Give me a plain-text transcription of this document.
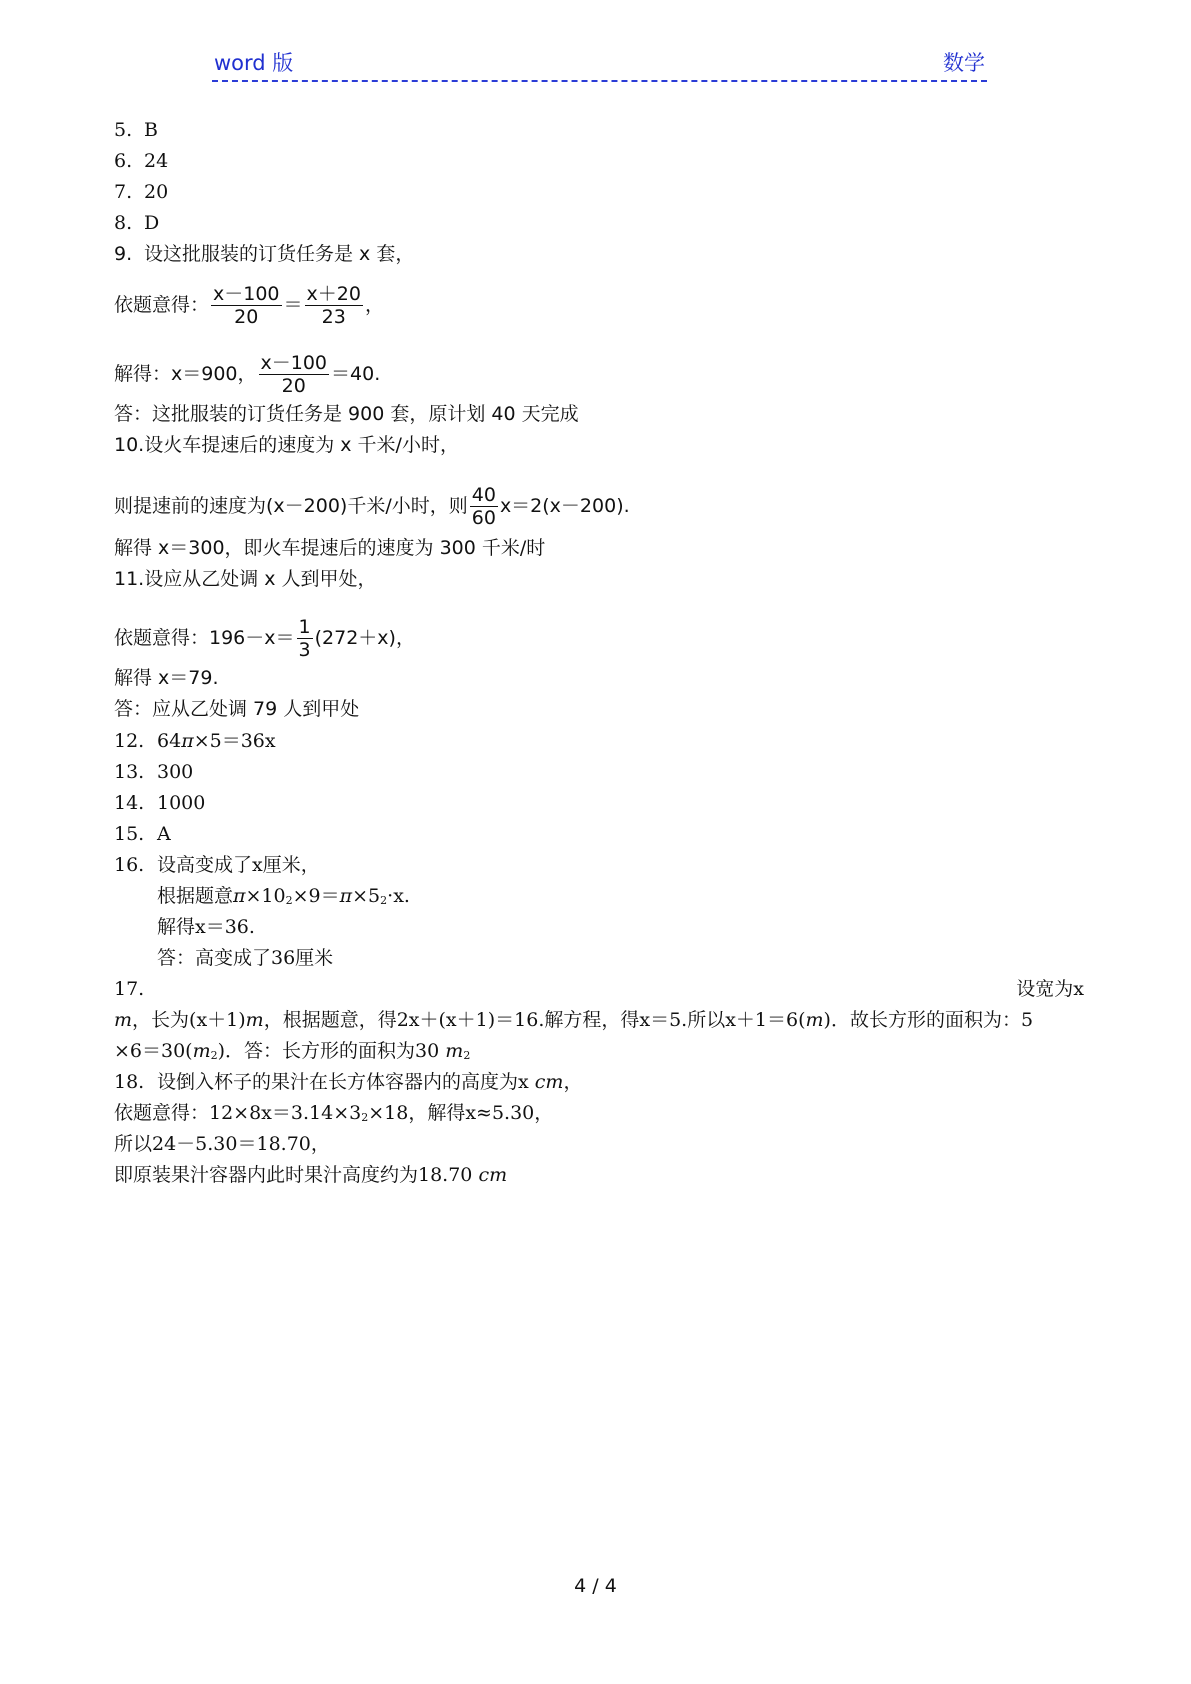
word 版	数学
5. B
6. 24
7. 20
8. D
9. 设这批服装的订货任务是 x 套，
依题意得： $\frac{x-100}{20} = \frac{x+20}{23}$ ，
解得：x＝900， $\frac{x-100}{20} =40$.
答：这批服装的订货任务是 900 套，原计划 40 天完成
10.设火车提速后的速度为 x 千米/小时，
则提速前的速度为(x－200)千米/小时，则 $\frac{40}{60} x=2(x-200)$.
解得 x＝300，即火车提速后的速度为 300 千米/时
11.设应从乙处调 x 人到甲处，
依题意得：$196-x= \frac{1}{3} (272+x)$，
解得 x＝79.
答：应从乙处调 79 人到甲处
12. 64π×5＝36x
13. 300
14. 1000
15. A
16. 设高变成了x厘米，
根据题意$\pi\times 10^2\times 9=\pi\times 5^2\cdot x$.
解得x＝36.
答：高变成了36厘米
17.	设宽为x
m，长为(x＋1)m，根据题意，得2x＋(x＋1)＝16.解方程，得x＝5.所以x＋1＝6(m)．故长方形的面积为：5
$\times 6=30(m^2)$．答：长方形的面积为30 $m^2$
18. 设倒入杯子的果汁在长方体容器内的高度为x cm，
依题意得：$12\times 8x=3.14\times 3^2\times 18$，解得x≈5.30，
所以24－5.30＝18.70，
即原装果汁容器内此时果汁高度约为18.70 cm
4 / 4
